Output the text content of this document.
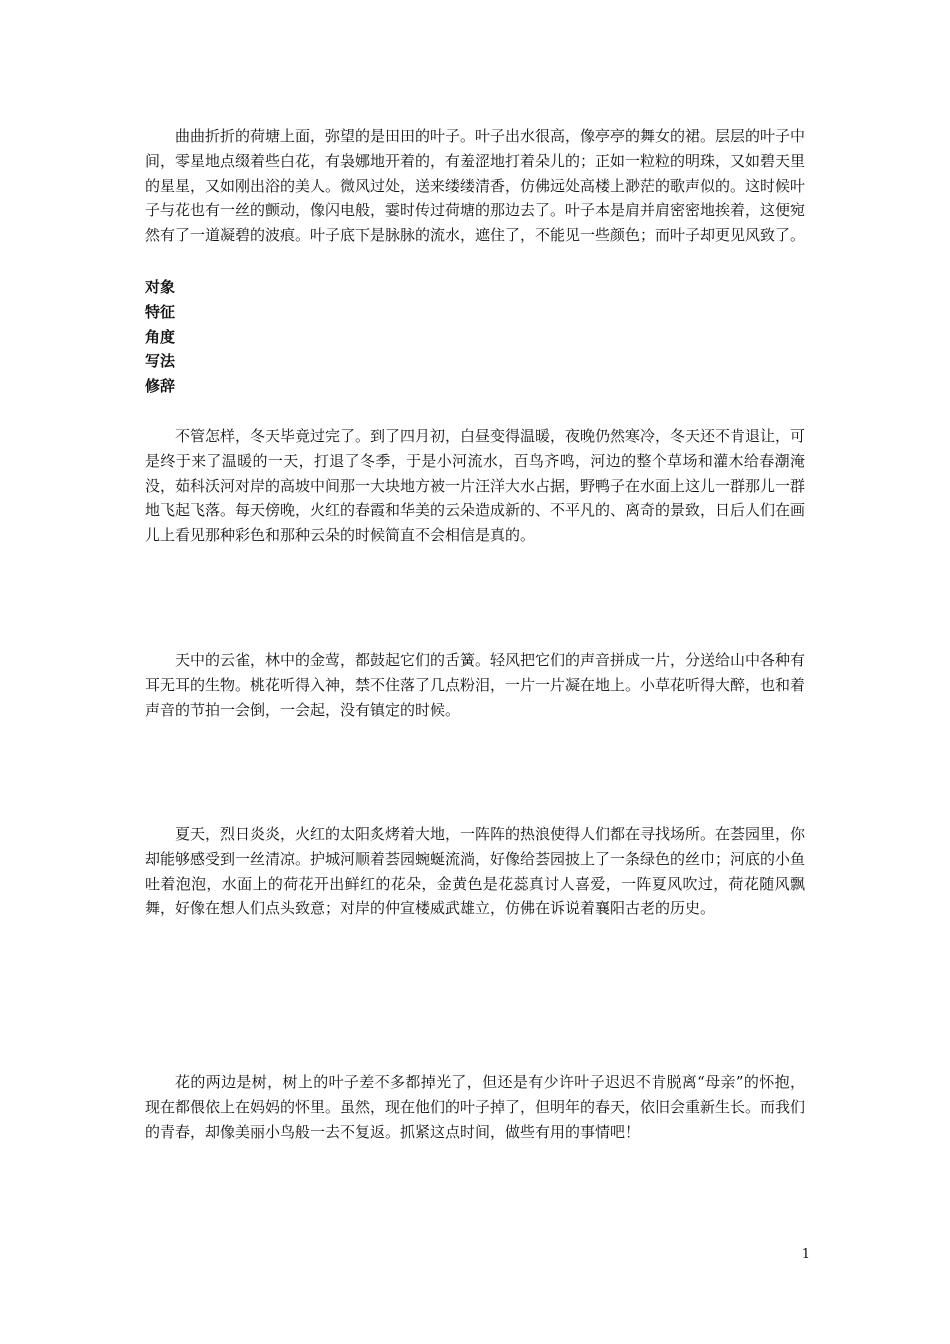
曲曲折折的荷塘上面，弥望的是田田的叶子。叶子出水很高，像亭亭的舞女的裙。层层的叶子中间，零星地点缀着些白花，有袅娜地开着的，有羞涩地打着朵儿的；正如一粒粒的明珠，又如碧天里的星星，又如刚出浴的美人。微风过处，送来缕缕清香，仿佛远处高楼上渺茫的歌声似的。这时候叶子与花也有一丝的颤动，像闪电般，霎时传过荷塘的那边去了。叶子本是肩并肩密密地挨着，这便宛然有了一道凝碧的波痕。叶子底下是脉脉的流水，遮住了，不能见一些颜色；而叶子却更见风致了。

对象
特征
角度
写法
修辞

不管怎样，冬天毕竟过完了。到了四月初，白昼变得温暖，夜晚仍然寒冷，冬天还不肯退让，可是终于来了温暖的一天，打退了冬季，于是小河流水，百鸟齐鸣，河边的整个草场和灌木给春潮淹没，茹科沃河对岸的高坡中间那一大块地方被一片汪洋大水占据，野鸭子在水面上这儿一群那儿一群地飞起飞落。每天傍晚，火红的春霞和华美的云朵造成新的、不平凡的、离奇的景致，日后人们在画儿上看见那种彩色和那种云朵的时候简直不会相信是真的。

天中的云雀，林中的金莺，都鼓起它们的舌簧。轻风把它们的声音拼成一片，分送给山中各种有耳无耳的生物。桃花听得入神，禁不住落了几点粉泪，一片一片凝在地上。小草花听得大醉，也和着声音的节拍一会倒，一会起，没有镇定的时候。

夏天，烈日炎炎，火红的太阳炙烤着大地，一阵阵的热浪使得人们都在寻找场所。在荟园里，你却能够感受到一丝清凉。护城河顺着荟园蜿蜒流淌，好像给荟园披上了一条绿色的丝巾；河底的小鱼吐着泡泡，水面上的荷花开出鲜红的花朵，金黄色是花蕊真讨人喜爱，一阵夏风吹过，荷花随风飘舞，好像在想人们点头致意；对岸的仲宣楼威武雄立，仿佛在诉说着襄阳古老的历史。

花的两边是树，树上的叶子差不多都掉光了，但还是有少许叶子迟迟不肯脱离“母亲”的怀抱，现在都偎依上在妈妈的怀里。虽然，现在他们的叶子掉了，但明年的春天，依旧会重新生长。而我们的青春，却像美丽小鸟般一去不复返。抓紧这点时间，做些有用的事情吧！

1
